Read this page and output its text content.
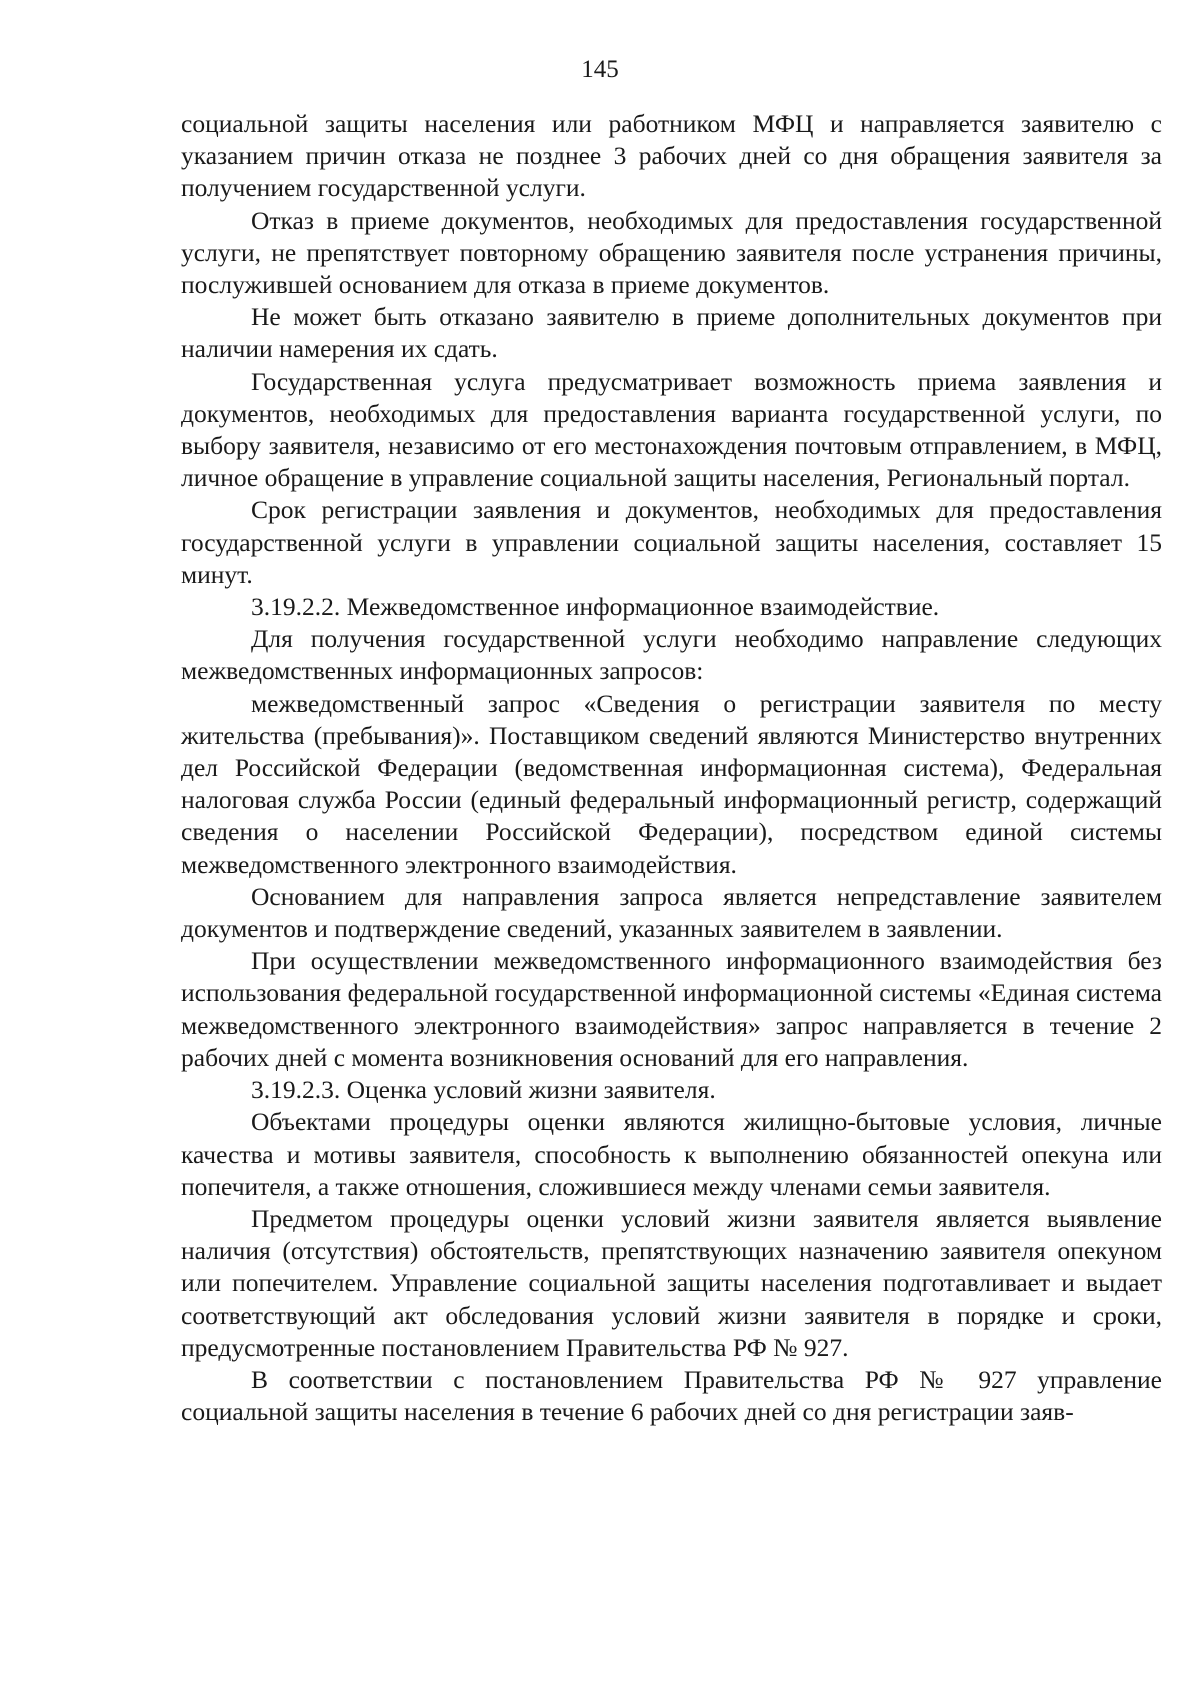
145

социальной защиты населения или работником МФЦ и направляется заявителю с указанием причин отказа не позднее 3 рабочих дней со дня обращения заявителя за получением государственной услуги.

Отказ в приеме документов, необходимых для предоставления государственной услуги, не препятствует повторному обращению заявителя после устранения причины, послужившей основанием для отказа в приеме документов.

Не может быть отказано заявителю в приеме дополнительных документов при наличии намерения их сдать.

Государственная услуга предусматривает возможность приема заявления и документов, необходимых для предоставления варианта государственной услуги, по выбору заявителя, независимо от его местонахождения почтовым отправлением, в МФЦ, личное обращение в управление социальной защиты населения, Региональный портал.

Срок регистрации заявления и документов, необходимых для предоставления государственной услуги в управлении социальной защиты населения, составляет 15 минут.

3.19.2.2. Межведомственное информационное взаимодействие.

Для получения государственной услуги необходимо направление следующих межведомственных информационных запросов:

межведомственный запрос «Сведения о регистрации заявителя по месту жительства (пребывания)». Поставщиком сведений являются Министерство внутренних дел Российской Федерации (ведомственная информационная система), Федеральная налоговая служба России (единый федеральный информационный регистр, содержащий сведения о населении Российской Федерации), посредством единой системы межведомственного электронного взаимодействия.

Основанием для направления запроса является непредставление заявителем документов и подтверждение сведений, указанных заявителем в заявлении.

При осуществлении межведомственного информационного взаимодействия без использования федеральной государственной информационной системы «Единая система межведомственного электронного взаимодействия» запрос направляется в течение 2 рабочих дней с момента возникновения оснований для его направления.

3.19.2.3. Оценка условий жизни заявителя.

Объектами процедуры оценки являются жилищно-бытовые условия, личные качества и мотивы заявителя, способность к выполнению обязанностей опекуна или попечителя, а также отношения, сложившиеся между членами семьи заявителя.

Предметом процедуры оценки условий жизни заявителя является выявление наличия (отсутствия) обстоятельств, препятствующих назначению заявителя опекуном или попечителем. Управление социальной защиты населения подготавливает и выдает соответствующий акт обследования условий жизни заявителя в порядке и сроки, предусмотренные постановлением Правительства РФ № 927.

В соответствии с постановлением Правительства РФ № 927 управление социальной защиты населения в течение 6 рабочих дней со дня регистрации заяв-
